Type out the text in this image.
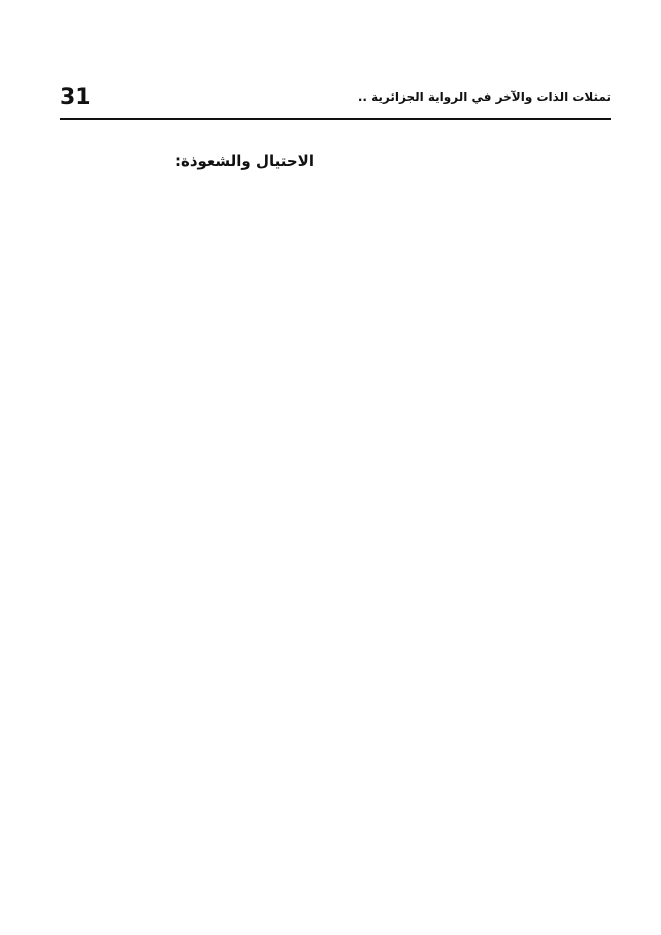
31	تمثلات الذات والآخر في الرواية الجزائرية ..
الاحتيال والشعوذة:
